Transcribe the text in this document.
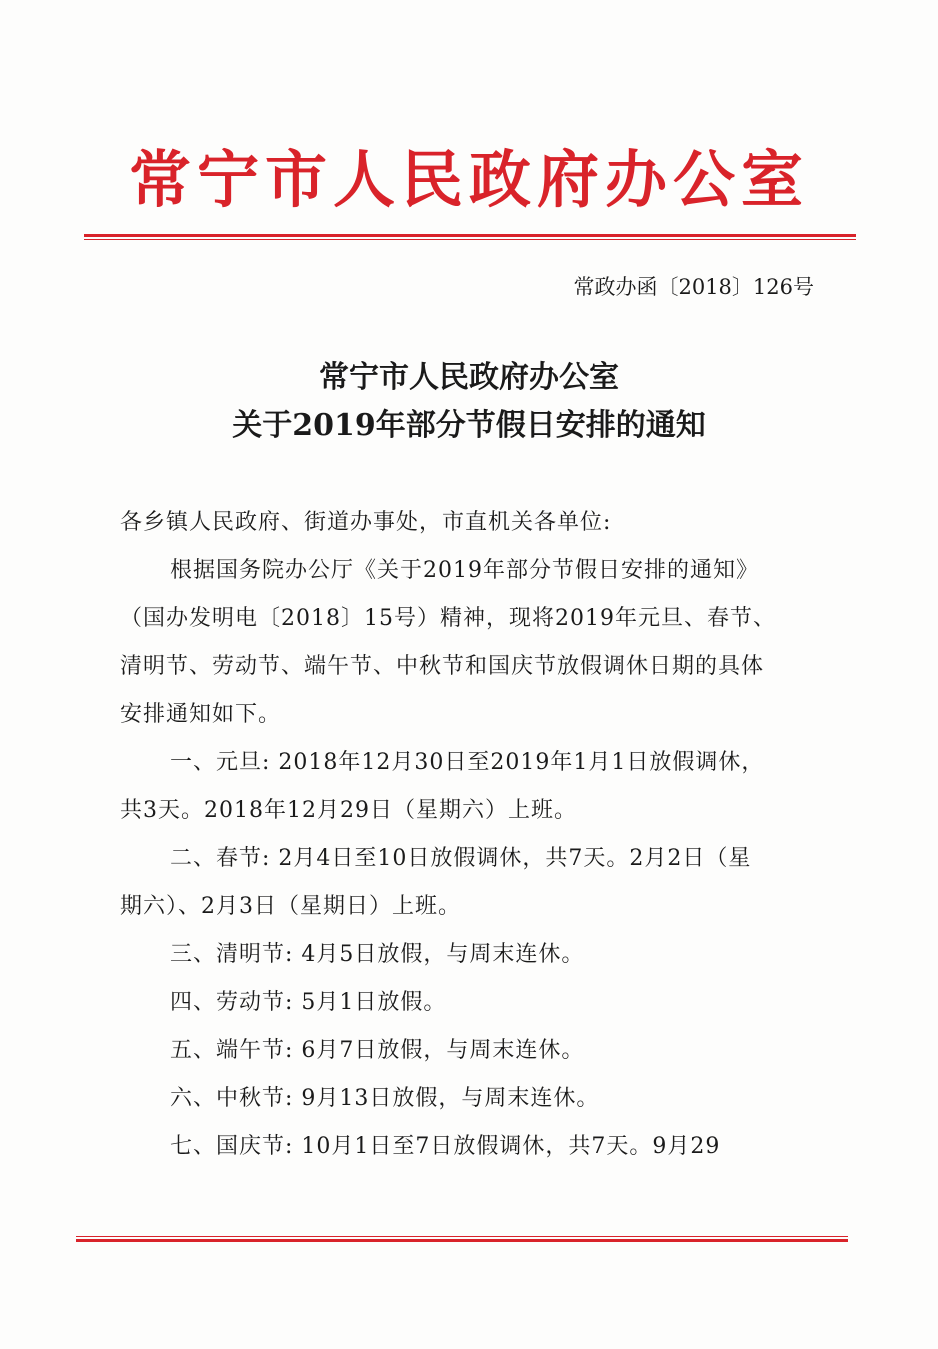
常宁市人民政府办公室
常政办函〔2018〕126号
常宁市人民政府办公室
关于2019年部分节假日安排的通知
各乡镇人民政府、街道办事处，市直机关各单位:
根据国务院办公厅《关于2019年部分节假日安排的通知》
（国办发明电〔2018〕15号）精神，现将2019年元旦、春节、
清明节、劳动节、端午节、中秋节和国庆节放假调休日期的具体
安排通知如下。
一、元旦: 2018年12月30日至2019年1月1日放假调休，
共3天。2018年12月29日（星期六）上班。
二、春节: 2月4日至10日放假调休，共7天。2月2日（星
期六）、2月3日（星期日）上班。
三、清明节: 4月5日放假，与周末连休。
四、劳动节: 5月1日放假。
五、端午节: 6月7日放假，与周末连休。
六、中秋节: 9月13日放假，与周末连休。
七、国庆节: 10月1日至7日放假调休，共7天。9月29
